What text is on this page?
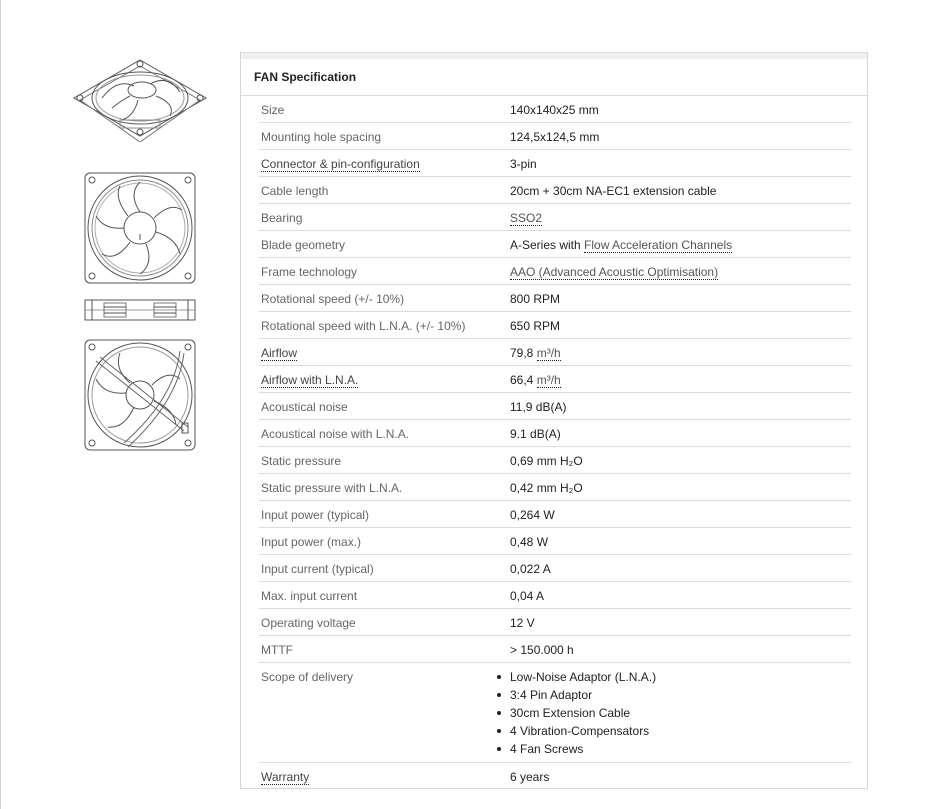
FAN Specification
Size	140x140x25 mm
Mounting hole spacing	124,5x124,5 mm
Connector & pin-configuration	3-pin
Cable length	20cm + 30cm NA-EC1 extension cable
Bearing	SSO2
Blade geometry	A-Series with Flow Acceleration Channels
Frame technology	AAO (Advanced Acoustic Optimisation)
Rotational speed (+/- 10%)	800 RPM
Rotational speed with L.N.A. (+/- 10%)	650 RPM
Airflow	79,8 m³/h
Airflow with L.N.A.	66,4 m³/h
Acoustical noise	11,9 dB(A)
Acoustical noise with L.N.A.	9.1 dB(A)
Static pressure	0,69 mm H₂O
Static pressure with L.N.A.	0,42 mm H₂O
Input power (typical)	0,264 W
Input power (max.)	0,48 W
Input current (typical)	0,022 A
Max. input current	0,04 A
Operating voltage	12 V
MTTF	> 150.000 h
Scope of delivery	Low-Noise Adaptor (L.N.A.)
3:4 Pin Adaptor
30cm Extension Cable
4 Vibration-Compensators
4 Fan Screws
Warranty	6 years
